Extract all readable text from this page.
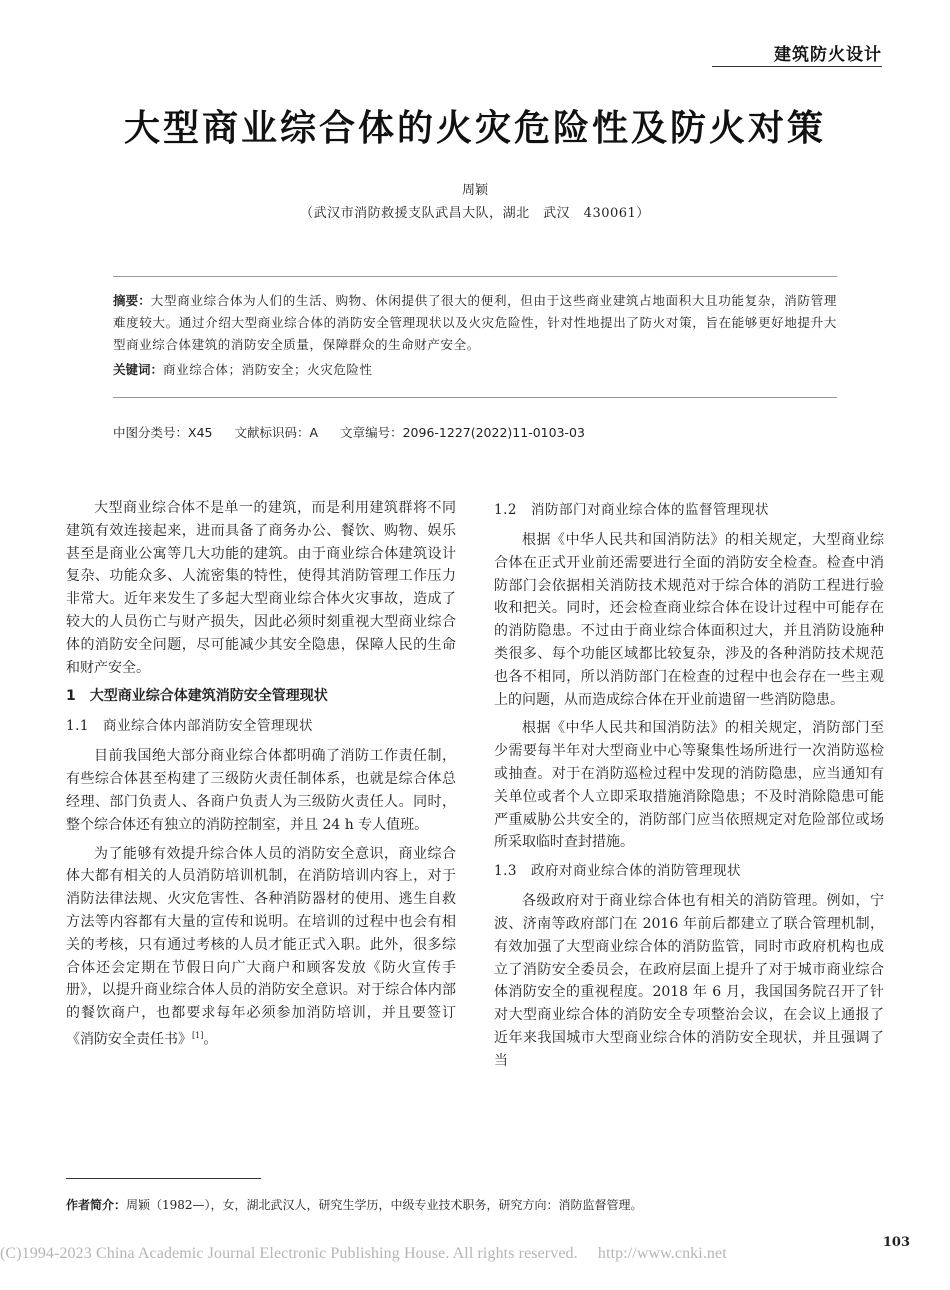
建筑防火设计
大型商业综合体的火灾危险性及防火对策
周颖
（武汉市消防救援支队武昌大队，湖北　武汉　430061）
摘要：大型商业综合体为人们的生活、购物、休闲提供了很大的便利，但由于这些商业建筑占地面积大且功能复杂，消防管理难度较大。通过介绍大型商业综合体的消防安全管理现状以及火灾危险性，针对性地提出了防火对策，旨在能够更好地提升大型商业综合体建筑的消防安全质量，保障群众的生命财产安全。
关键词：商业综合体；消防安全；火灾危险性
中图分类号：X45 文献标识码：A 文章编号：2096-1227(2022)11-0103-03

大型商业综合体不是单一的建筑，而是利用建筑群将不同建筑有效连接起来，进而具备了商务办公、餐饮、购物、娱乐甚至是商业公寓等几大功能的建筑。由于商业综合体建筑设计复杂、功能众多、人流密集的特性，使得其消防管理工作压力非常大。近年来发生了多起大型商业综合体火灾事故，造成了较大的人员伤亡与财产损失，因此必须时刻重视大型商业综合体的消防安全问题，尽可能减少其安全隐患，保障人民的生命和财产安全。

1　大型商业综合体建筑消防安全管理现状
1.1　商业综合体内部消防安全管理现状

目前我国绝大部分商业综合体都明确了消防工作责任制，有些综合体甚至构建了三级防火责任制体系，也就是综合体总经理、部门负责人、各商户负责人为三级防火责任人。同时，整个综合体还有独立的消防控制室，并且 24 h 专人值班。

为了能够有效提升综合体人员的消防安全意识，商业综合体大都有相关的人员消防培训机制，在消防培训内容上，对于消防法律法规、火灾危害性、各种消防器材的使用、逃生自救方法等内容都有大量的宣传和说明。在培训的过程中也会有相关的考核，只有通过考核的人员才能正式入职。此外，很多综合体还会定期在节假日向广大商户和顾客发放《防火宣传手册》，以提升商业综合体人员的消防安全意识。对于综合体内部的餐饮商户，也都要求每年必须参加消防培训，并且要签订《消防安全责任书》[1]。

1.2　消防部门对商业综合体的监督管理现状

根据《中华人民共和国消防法》的相关规定，大型商业综合体在正式开业前还需要进行全面的消防安全检查。检查中消防部门会依据相关消防技术规范对于综合体的消防工程进行验收和把关。同时，还会检查商业综合体在设计过程中可能存在的消防隐患。不过由于商业综合体面积过大，并且消防设施种类很多、每个功能区域都比较复杂，涉及的各种消防技术规范也各不相同，所以消防部门在检查的过程中也会存在一些主观上的问题，从而造成综合体在开业前遗留一些消防隐患。

根据《中华人民共和国消防法》的相关规定，消防部门至少需要每半年对大型商业中心等聚集性场所进行一次消防巡检或抽查。对于在消防巡检过程中发现的消防隐患，应当通知有关单位或者个人立即采取措施消除隐患；不及时消除隐患可能严重威胁公共安全的，消防部门应当依照规定对危险部位或场所采取临时查封措施。

1.3　政府对商业综合体的消防管理现状

各级政府对于商业综合体也有相关的消防管理。例如，宁波、济南等政府部门在 2016 年前后都建立了联合管理机制，有效加强了大型商业综合体的消防监管，同时市政府机构也成立了消防安全委员会，在政府层面上提升了对于城市商业综合体消防安全的重视程度。2018 年 6 月，我国国务院召开了针对大型商业综合体的消防安全专项整治会议，在会议上通报了近年来我国城市大型商业综合体的消防安全现状，并且强调了当

作者简介：周颖（1982—），女，湖北武汉人，研究生学历，中级专业技术职务，研究方向：消防监督管理。
(C)1994-2023 China Academic Journal Electronic Publishing House. All rights reserved.　 http://www.cnki.net
103
